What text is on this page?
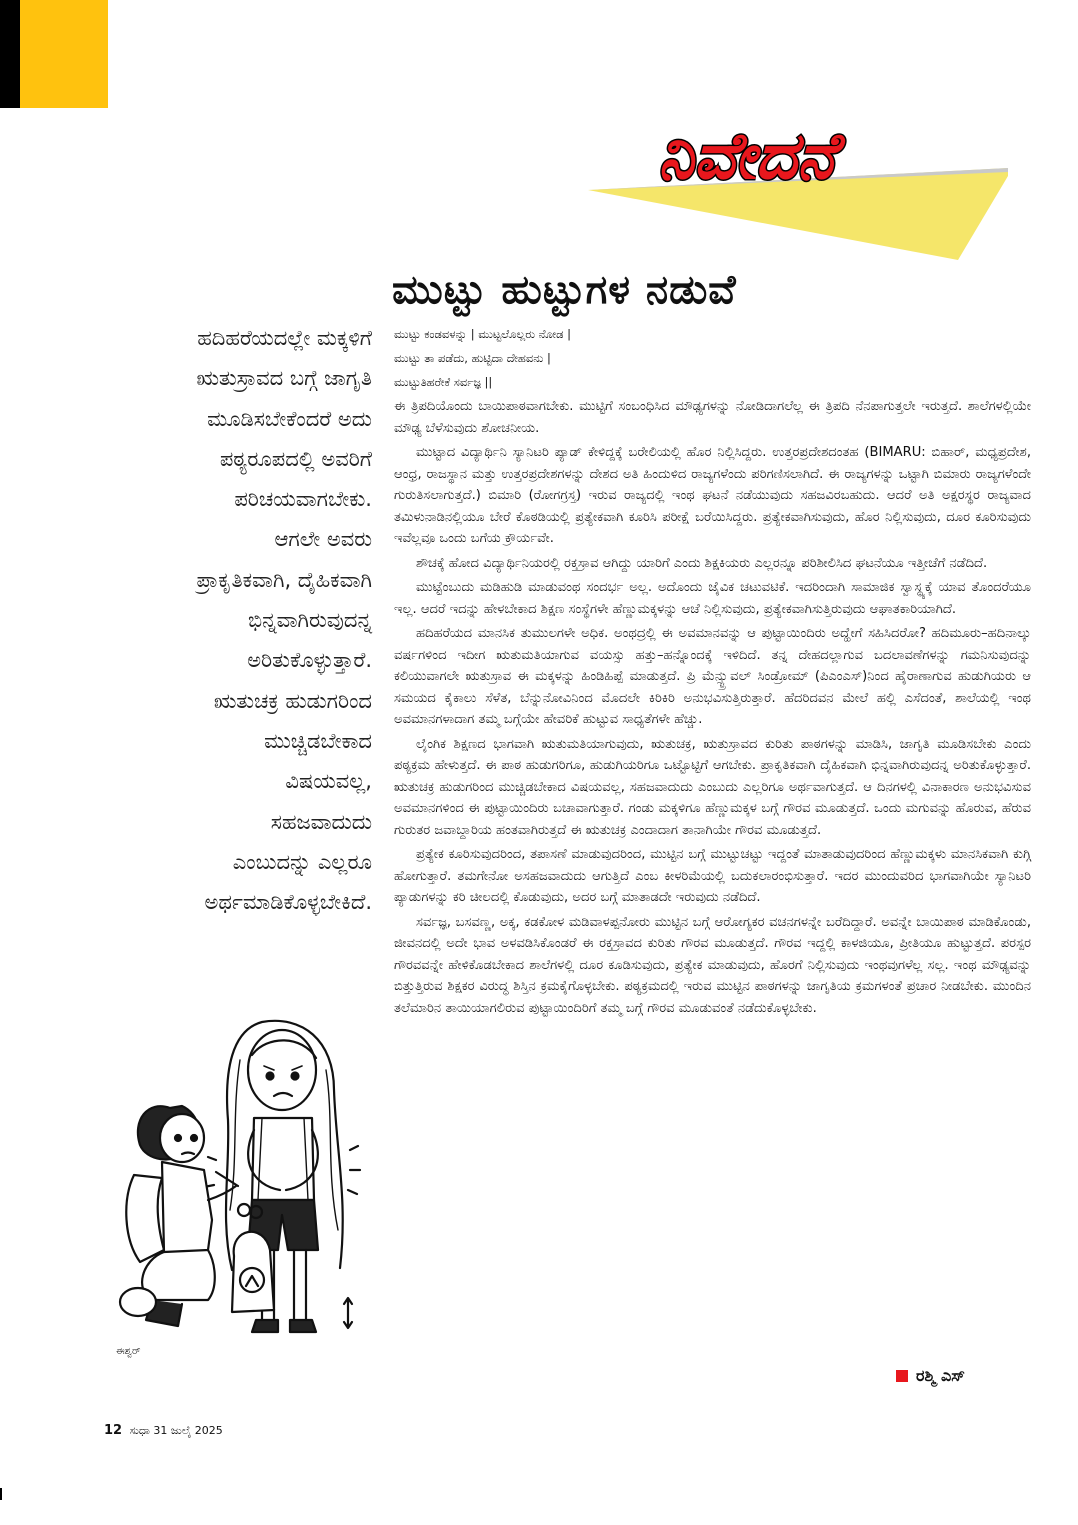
ನಿವೇದನೆ
ಮುಟ್ಟು ಹುಟ್ಟುಗಳ ನಡುವೆ
ಹದಿಹರೆಯದಲ್ಲೇ ಮಕ್ಕಳಿಗೆ
ಋತುಸ್ರಾವದ ಬಗ್ಗೆ ಜಾಗೃತಿ
ಮೂಡಿಸಬೇಕೆಂದರೆ ಅದು
ಪಠ್ಯರೂಪದಲ್ಲಿ ಅವರಿಗೆ
ಪರಿಚಯವಾಗಬೇಕು.
ಆಗಲೇ ಅವರು
ಪ್ರಾಕೃತಿಕವಾಗಿ, ದೈಹಿಕವಾಗಿ
ಭಿನ್ನವಾಗಿರುವುದನ್ನ
ಅರಿತುಕೊಳ್ಳುತ್ತಾರೆ.
ಋತುಚಕ್ರ ಹುಡುಗರಿಂದ
ಮುಚ್ಚಿಡಬೇಕಾದ
ವಿಷಯವಲ್ಲ,
ಸಹಜವಾದುದು
ಎಂಬುದನ್ನು ಎಲ್ಲರೂ
ಅರ್ಥಮಾಡಿಕೊಳ್ಳಬೇಕಿದೆ.
ಮುಟ್ಟು ಕಂಡವಳನ್ನು | ಮುಟ್ಟಲೊಲ್ಲರು ನೋಡ |
ಮುಟ್ಟು ತಾ ಪಡೆದು, ಹುಟ್ಟಿದಾ ದೇಹವನು |
ಮುಟ್ಟುತಿಹರೇಕೆ ಸರ್ವಜ್ಞ ||

ಈ ತ್ರಿಪದಿಯೊಂದು ಬಾಯಿಪಾಠವಾಗಬೇಕು. ಮುಟ್ಟಿಗೆ ಸಂಬಂಧಿಸಿದ ಮೌಢ್ಯಗಳನ್ನು ನೋಡಿದಾಗಲೆಲ್ಲ ಈ ತ್ರಿಪದಿ ನೆನಪಾಗುತ್ತಲೇ ಇರುತ್ತದೆ. ಶಾಲೆಗಳಲ್ಲಿಯೇ ಮೌಢ್ಯ ಬೆಳೆಸುವುದು ಶೋಚನೀಯ.

ಮುಟ್ಟಾದ ವಿದ್ಯಾರ್ಥಿನಿ ಸ್ಯಾನಿಟರಿ ಪ್ಯಾಡ್ ಕೇಳಿದ್ದಕ್ಕೆ ಬರೇಲಿಯಲ್ಲಿ ಹೊರ ನಿಲ್ಲಿಸಿದ್ದರು. ಉತ್ತರಪ್ರದೇಶದಂತಹ (BIMARU: ಬಿಹಾರ್, ಮಧ್ಯಪ್ರದೇಶ, ಆಂಧ್ರ, ರಾಜಸ್ಥಾನ ಮತ್ತು ಉತ್ತರಪ್ರದೇಶಗಳನ್ನು ದೇಶದ ಅತಿ ಹಿಂದುಳಿದ ರಾಜ್ಯಗಳೆಂದು ಪರಿಗಣಿಸಲಾಗಿದೆ. ಈ ರಾಜ್ಯಗಳನ್ನು ಒಟ್ಟಾಗಿ ಬಿಮಾರು ರಾಜ್ಯಗಳೆಂದೇ ಗುರುತಿಸಲಾಗುತ್ತದೆ.) ಬಿಮಾರಿ (ರೋಗಗ್ರಸ್ತ) ಇರುವ ರಾಜ್ಯದಲ್ಲಿ ಇಂಥ ಘಟನೆ ನಡೆಯುವುದು ಸಹಜವಿರಬಹುದು. ಆದರೆ ಅತಿ ಅಕ್ಷರಸ್ಥರ ರಾಜ್ಯವಾದ ತಮಿಳುನಾಡಿನಲ್ಲಿಯೂ ಬೇರೆ ಕೊಠಡಿಯಲ್ಲಿ ಪ್ರತ್ಯೇಕವಾಗಿ ಕೂರಿಸಿ ಪರೀಕ್ಷೆ ಬರೆಯಿಸಿದ್ದರು. ಪ್ರತ್ಯೇಕವಾಗಿಸುವುದು, ಹೊರ ನಿಲ್ಲಿಸುವುದು, ದೂರ ಕೂರಿಸುವುದು ಇವೆಲ್ಲವೂ ಒಂದು ಬಗೆಯ ಕ್ರೌರ್ಯವೇ.

ಶೌಚಕ್ಕೆ ಹೋದ ವಿದ್ಯಾರ್ಥಿನಿಯರಲ್ಲಿ ರಕ್ತಸ್ರಾವ ಆಗಿದ್ದು ಯಾರಿಗೆ ಎಂದು ಶಿಕ್ಷಕಿಯರು ಎಲ್ಲರನ್ನೂ ಪರಿಶೀಲಿಸಿದ ಘಟನೆಯೂ ಇತ್ತೀಚೆಗೆ ನಡೆದಿದೆ.

ಮುಟ್ಟೆಂಬುದು ಮಡಿಹುಡಿ ಮಾಡುವಂಥ ಸಂದರ್ಭ ಅಲ್ಲ. ಅದೊಂದು ಜೈವಿಕ ಚಟುವಟಿಕೆ. ಇದರಿಂದಾಗಿ ಸಾಮಾಜಿಕ ಸ್ವಾಸ್ಥ್ಯಕ್ಕೆ ಯಾವ ತೊಂದರೆಯೂ ಇಲ್ಲ. ಆದರೆ ಇದನ್ನು ಹೇಳಬೇಕಾದ ಶಿಕ್ಷಣ ಸಂಸ್ಥೆಗಳೇ ಹೆಣ್ಣುಮಕ್ಕಳನ್ನು ಆಚೆ ನಿಲ್ಲಿಸುವುದು, ಪ್ರತ್ಯೇಕವಾಗಿಸುತ್ತಿರುವುದು ಆಘಾತಕಾರಿಯಾಗಿದೆ.

ಹದಿಹರೆಯದ ಮಾನಸಿಕ ತುಮುಲಗಳೇ ಅಧಿಕ. ಅಂಥದ್ರಲ್ಲಿ ಈ ಅವಮಾನವನ್ನು ಆ ಪುಟ್ಟಾಯಿಂದಿರು ಅದ್ಹೇಗೆ ಸಹಿಸಿದರೋ? ಹದಿಮೂರು–ಹದಿನಾಲ್ಕು ವರ್ಷಗಳಿಂದ ಇದೀಗ ಋತುಮತಿಯಾಗುವ ವಯಸ್ಸು ಹತ್ತು–ಹನ್ನೊಂದಕ್ಕೆ ಇಳಿದಿದೆ. ತನ್ನ ದೇಹದಲ್ಲಾಗುವ ಬದಲಾವಣೆಗಳನ್ನು ಗಮನಿಸುವುದನ್ನು ಕಲಿಯುವಾಗಲೇ ಋತುಸ್ರಾವ ಈ ಮಕ್ಕಳನ್ನು ಹಿಂಡಿಹಿಪ್ಪೆ ಮಾಡುತ್ತದೆ. ಪ್ರಿ ಮೆನ್ಸ್ಟ್ರುವಲ್ ಸಿಂಡ್ರೋಮ್ (ಪಿಎಂಎಸ್)ನಿಂದ ಹೈರಾಣಾಗುವ ಹುಡುಗಿಯರು ಆ ಸಮಯದ ಕೈಕಾಲು ಸೆಳೆತ, ಬೆನ್ನುನೋವಿನಿಂದ ಮೊದಲೇ ಕಿರಿಕಿರಿ ಅನುಭವಿಸುತ್ತಿರುತ್ತಾರೆ. ಹೆದರಿದವನ ಮೇಲೆ ಹಲ್ಲಿ ಎಸೆದಂತೆ, ಶಾಲೆಯಲ್ಲಿ ಇಂಥ ಅವಮಾನಗಳಾದಾಗ ತಮ್ಮ ಬಗ್ಗೆಯೇ ಹೇವರಿಕೆ ಹುಟ್ಟುವ ಸಾಧ್ಯತೆಗಳೇ ಹೆಚ್ಚು.

ಲೈಂಗಿಕ ಶಿಕ್ಷಣದ ಭಾಗವಾಗಿ ಋತುಮತಿಯಾಗುವುದು, ಋತುಚಕ್ರ, ಋತುಸ್ರಾವದ ಕುರಿತು ಪಾಠಗಳನ್ನು ಮಾಡಿಸಿ, ಜಾಗೃತಿ ಮೂಡಿಸಬೇಕು ಎಂದು ಪಠ್ಯಕ್ರಮ ಹೇಳುತ್ತದೆ. ಈ ಪಾಠ ಹುಡುಗರಿಗೂ, ಹುಡುಗಿಯರಿಗೂ ಒಟ್ಟೊಟ್ಟಿಗೆ ಆಗಬೇಕು. ಪ್ರಾಕೃತಿಕವಾಗಿ ದೈಹಿಕವಾಗಿ ಭಿನ್ನವಾಗಿರುವುದನ್ನ ಅರಿತುಕೊಳ್ಳುತ್ತಾರೆ. ಋತುಚಕ್ರ ಹುಡುಗರಿಂದ ಮುಚ್ಚಿಡಬೇಕಾದ ವಿಷಯವಲ್ಲ, ಸಹಜವಾದುದು ಎಂಬುದು ಎಲ್ಲರಿಗೂ ಅರ್ಥವಾಗುತ್ತದೆ. ಆ ದಿನಗಳಲ್ಲಿ ವಿನಾಕಾರಣ ಅನುಭವಿಸುವ ಅವಮಾನಗಳಿಂದ ಈ ಪುಟ್ಟಾಯಿಂದಿರು ಬಚಾವಾಗುತ್ತಾರೆ. ಗಂಡು ಮಕ್ಕಳಿಗೂ ಹೆಣ್ಣುಮಕ್ಕಳ ಬಗ್ಗೆ ಗೌರವ ಮೂಡುತ್ತದೆ. ಒಂದು ಮಗುವನ್ನು ಹೊರುವ, ಹೆರುವ ಗುರುತರ ಜವಾಬ್ದಾರಿಯ ಹಂತವಾಗಿರುತ್ತದೆ ಈ ಋತುಚಕ್ರ ಎಂದಾದಾಗ ತಾನಾಗಿಯೇ ಗೌರವ ಮೂಡುತ್ತದೆ.

ಪ್ರತ್ಯೇಕ ಕೂರಿಸುವುದರಿಂದ, ತಪಾಸಣೆ ಮಾಡುವುದರಿಂದ, ಮುಟ್ಟಿನ ಬಗ್ಗೆ ಮುಟ್ಟುಚಟ್ಟು ಇದ್ದಂತೆ ಮಾತಾಡುವುದರಿಂದ ಹೆಣ್ಣುಮಕ್ಕಳು ಮಾನಸಿಕವಾಗಿ ಕುಗ್ಗಿ ಹೋಗುತ್ತಾರೆ. ತಮಗೇನೋ ಅಸಹಜವಾದುದು ಆಗುತ್ತಿದೆ ಎಂಬ ಕೀಳರಿಮೆಯಲ್ಲಿ ಬದುಕಲಾರಂಭಿಸುತ್ತಾರೆ. ಇದರ ಮುಂದುವರಿದ ಭಾಗವಾಗಿಯೇ ಸ್ಯಾನಿಟರಿ ಪ್ಯಾಡುಗಳನ್ನು ಕರಿ ಚೀಲದಲ್ಲಿ ಕೊಡುವುದು, ಅದರ ಬಗ್ಗೆ ಮಾತಾಡದೇ ಇರುವುದು ನಡೆದಿದೆ.

ಸರ್ವಜ್ಞ, ಬಸವಣ್ಣ, ಅಕ್ಕ, ಕಡಕೋಳ ಮಡಿವಾಳಪ್ಪನೋರು ಮುಟ್ಟಿನ ಬಗ್ಗೆ ಆರೋಗ್ಯಕರ ವಚನಗಳನ್ನೇ ಬರೆದಿದ್ದಾರೆ. ಅವನ್ನೇ ಬಾಯಿಪಾಠ ಮಾಡಿಕೊಂಡು, ಜೀವನದಲ್ಲಿ ಅದೇ ಭಾವ ಅಳವಡಿಸಿಕೊಂಡರೆ ಈ ರಕ್ತಸ್ರಾವದ ಕುರಿತು ಗೌರವ ಮೂಡುತ್ತದೆ. ಗೌರವ ಇದ್ದಲ್ಲಿ ಕಾಳಜಿಯೂ, ಪ್ರೀತಿಯೂ ಹುಟ್ಟುತ್ತದೆ. ಪರಸ್ಪರ ಗೌರವವನ್ನೇ ಹೇಳಿಕೊಡಬೇಕಾದ ಶಾಲೆಗಳಲ್ಲಿ ದೂರ ಕೂಡಿಸುವುದು, ಪ್ರತ್ಯೇಕ ಮಾಡುವುದು, ಹೊರಗೆ ನಿಲ್ಲಿಸುವುದು ಇಂಥವುಗಳೆಲ್ಲ ಸಲ್ಲ. ಇಂಥ ಮೌಢ್ಯವನ್ನು ಬಿತ್ತುತ್ತಿರುವ ಶಿಕ್ಷಕರ ವಿರುದ್ಧ ಶಿಸ್ತಿನ ಕ್ರಮಕೈಗೊಳ್ಳಬೇಕು. ಪಠ್ಯಕ್ರಮದಲ್ಲಿ ಇರುವ ಮುಟ್ಟಿನ ಪಾಠಗಳನ್ನು ಜಾಗೃತಿಯ ಕ್ರಮಗಳಂತೆ ಪ್ರಚಾರ ನೀಡಬೇಕು. ಮುಂದಿನ ತಲೆಮಾರಿನ ತಾಯಿಯಾಗಲಿರುವ ಪುಟ್ಟಾಯಿಂದಿರಿಗೆ ತಮ್ಮ ಬಗ್ಗೆ ಗೌರವ ಮೂಡುವಂತೆ ನಡೆದುಕೊಳ್ಳಬೇಕು.

ಈಶ್ವರ್
ರಶ್ಮಿ ಎಸ್
12 ಸುಧಾ 31 ಜುಲೈ 2025
